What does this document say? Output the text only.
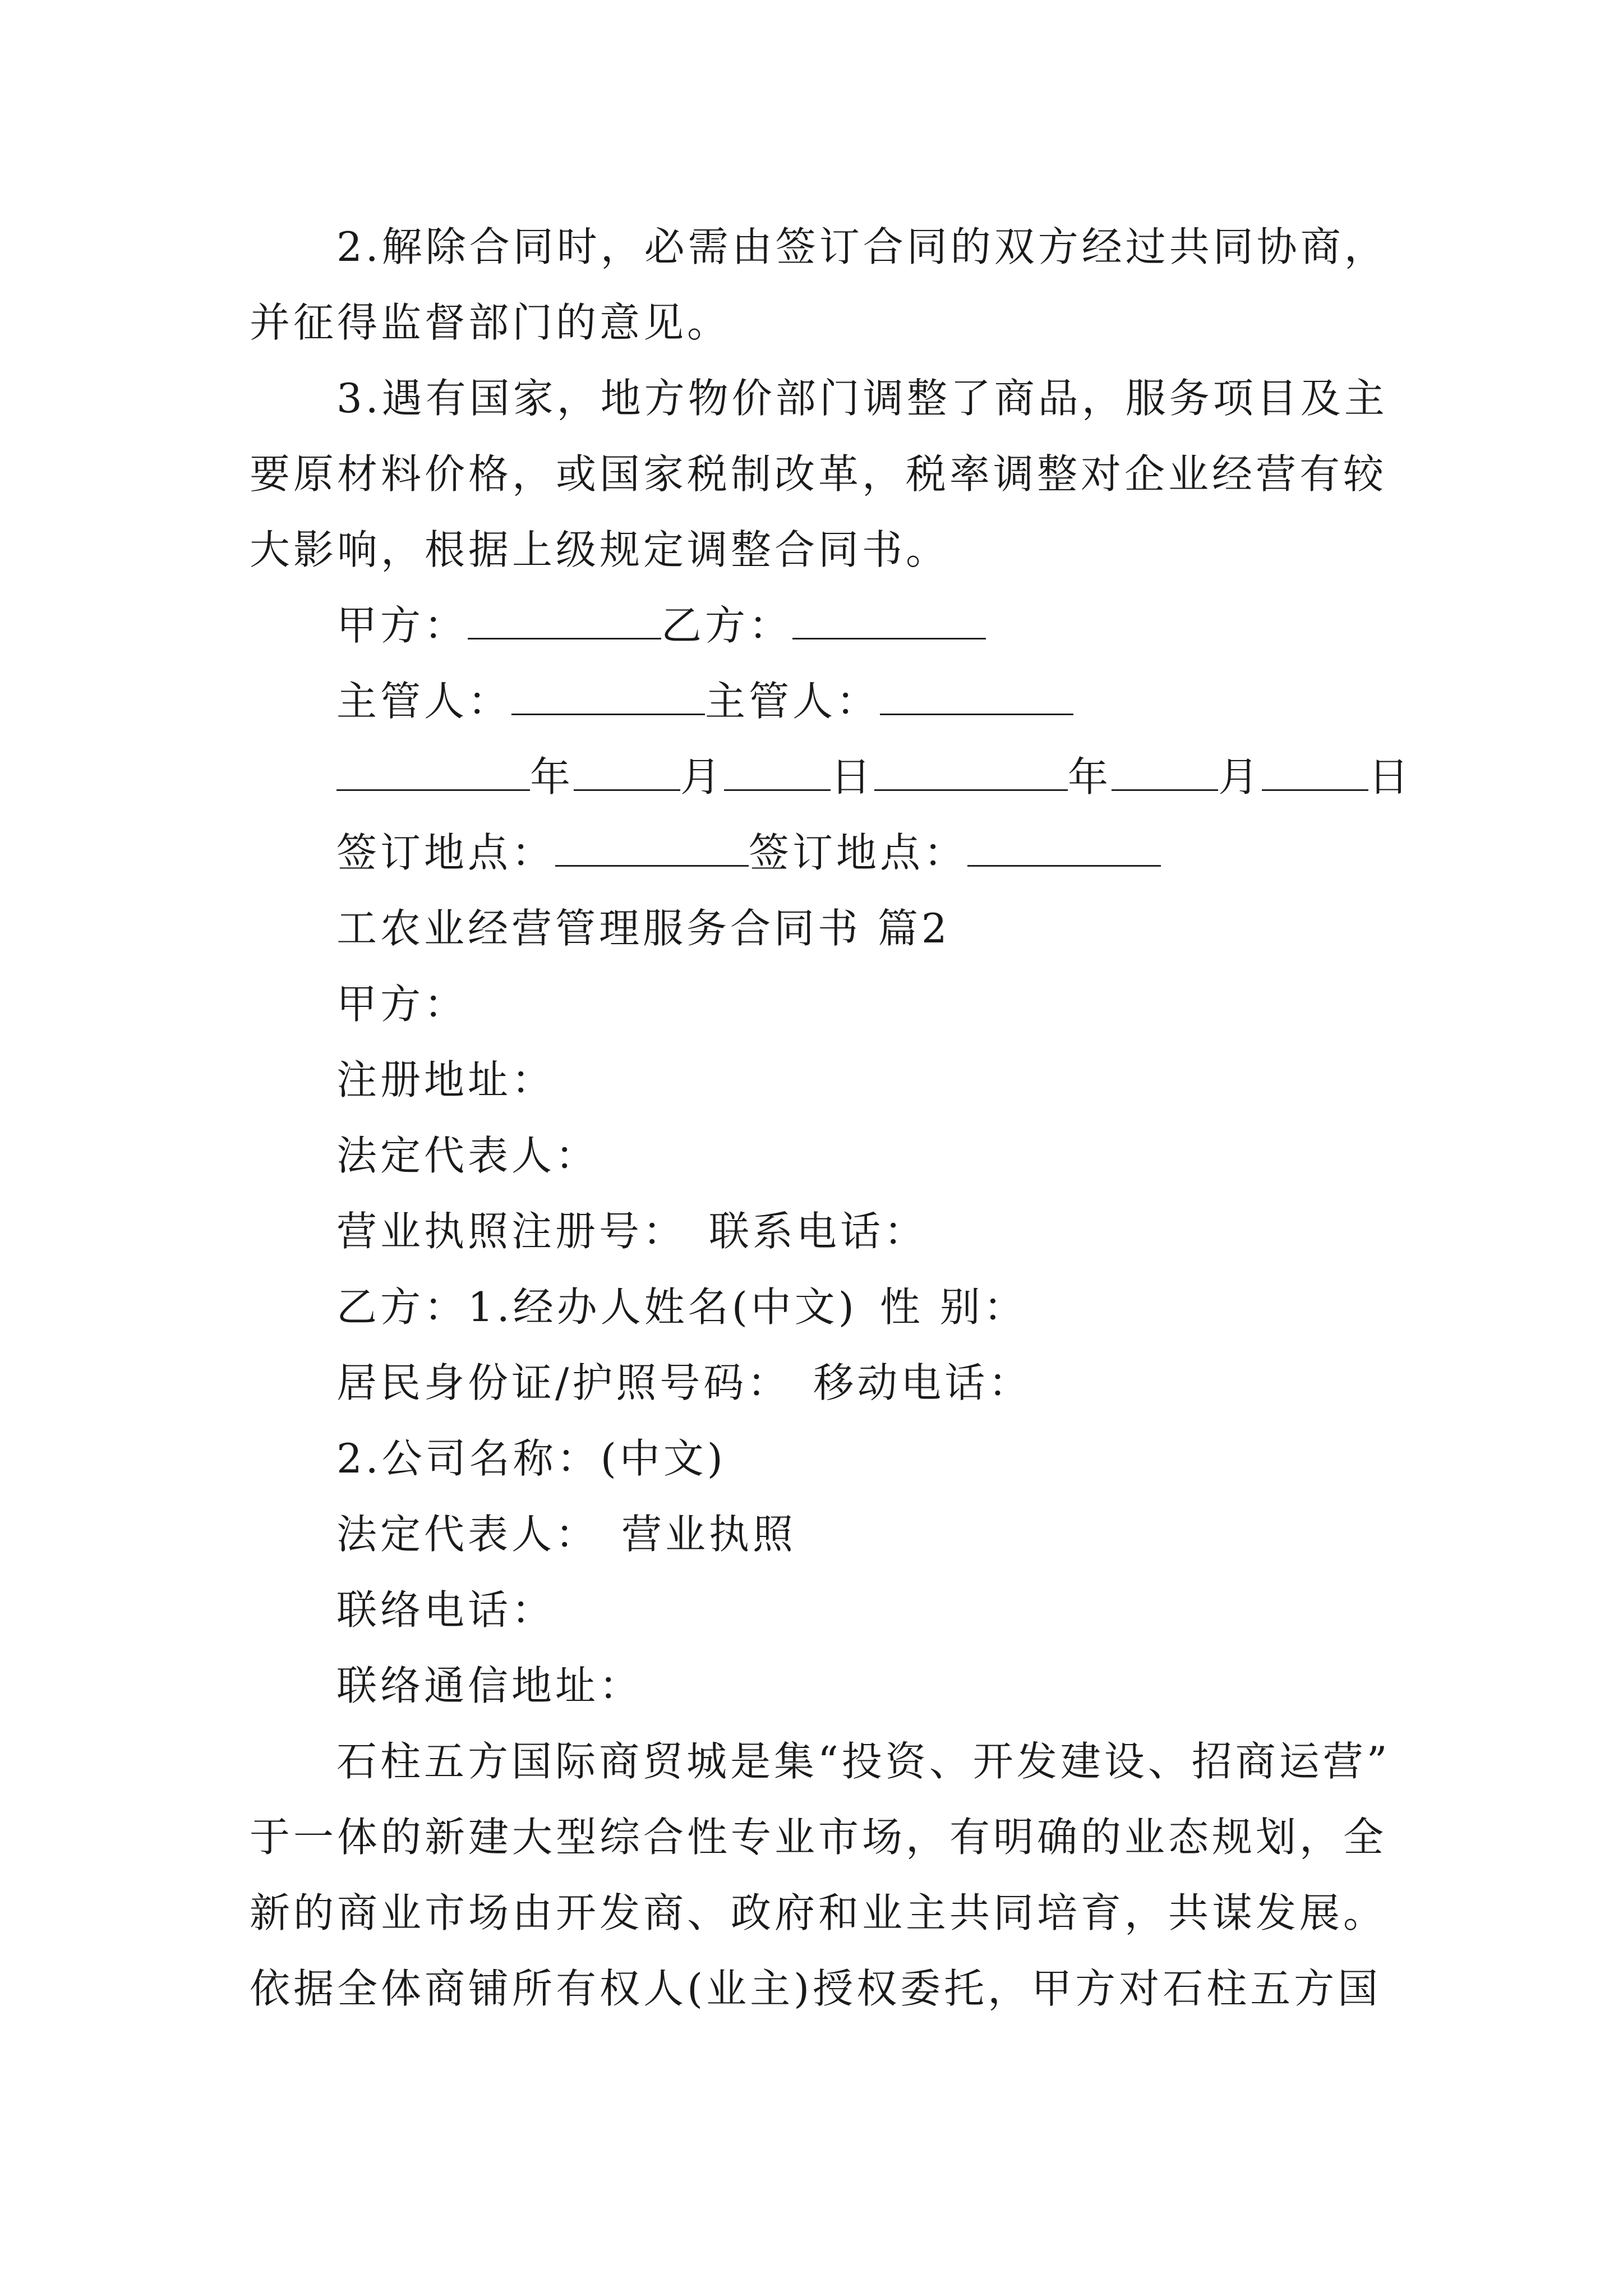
2.解除合同时，必需由签订合同的双方经过共同协商，
并征得监督部门的意见。
3.遇有国家，地方物价部门调整了商品，服务项目及主
要原材料价格，或国家税制改革，税率调整对企业经营有较
大影响，根据上级规定调整合同书。
甲方：	乙方：
主管人：	主管人：
年	月	日	年	月	日
签订地点：	签订地点：
工农业经营管理服务合同书 篇2
甲方：
注册地址：
法定代表人：
营业执照注册号： 联系电话：
乙方：1.经办人姓名(中文) 性 别：
居民身份证/护照号码： 移动电话：
2.公司名称：(中文)
法定代表人： 营业执照
联络电话：
联络通信地址：
石柱五方国际商贸城是集“投资、开发建设、招商运营”
于一体的新建大型综合性专业市场，有明确的业态规划，全
新的商业市场由开发商、政府和业主共同培育，共谋发展。
依据全体商铺所有权人(业主)授权委托，甲方对石柱五方国
